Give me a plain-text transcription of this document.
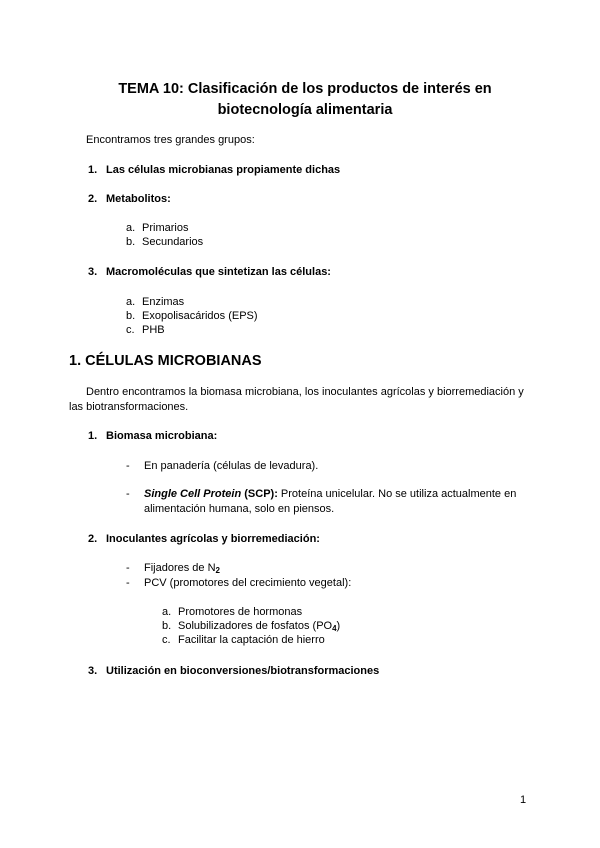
TEMA 10: Clasificación de los productos de interés en
biotecnología alimentaria
Encontramos tres grandes grupos:
1. Las células microbianas propiamente dichas
2. Metabolitos:
a. Primarios
b. Secundarios
3. Macromoléculas que sintetizan las células:
a. Enzimas
b. Exopolisacáridos (EPS)
c. PHB
1. CÉLULAS MICROBIANAS
Dentro encontramos la biomasa microbiana, los inoculantes agrícolas y biorremediación y
las biotransformaciones.
1. Biomasa microbiana:
- En panadería (células de levadura).
- Single Cell Protein (SCP): Proteína unicelular. No se utiliza actualmente en
alimentación humana, solo en piensos.
2. Inoculantes agrícolas y biorremediación:
- Fijadores de $N_2$
- PCV (promotores del crecimiento vegetal):
a. Promotores de hormonas
b. Solubilizadores de fosfatos $(PO_4)$
c. Facilitar la captación de hierro
3. Utilización en bioconversiones/biotransformaciones
1
